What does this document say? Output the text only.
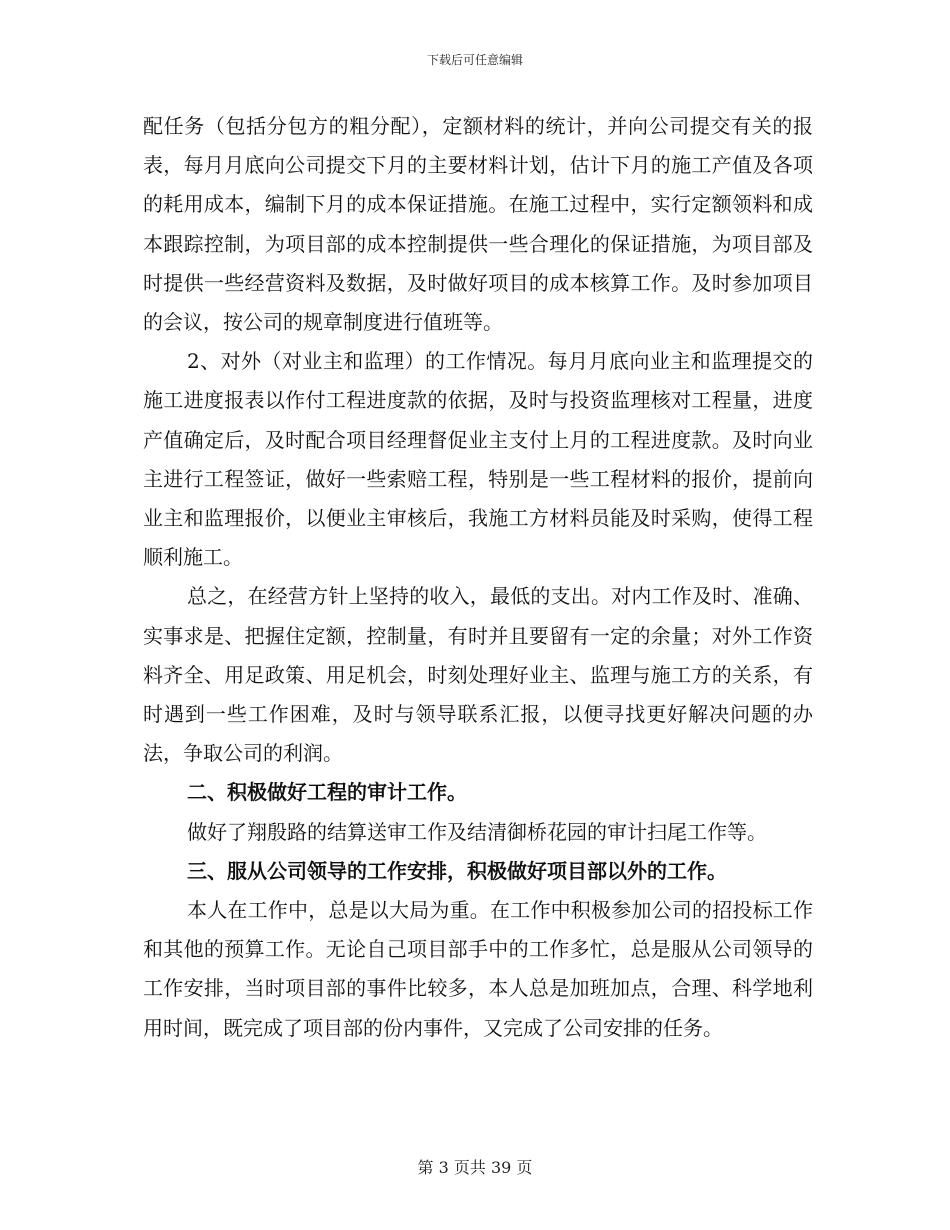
下载后可任意编辑

配任务（包括分包方的粗分配），定额材料的统计，并向公司提交有关的报表，每月月底向公司提交下月的主要材料计划，估计下月的施工产值及各项的耗用成本，编制下月的成本保证措施。在施工过程中，实行定额领料和成本跟踪控制，为项目部的成本控制提供一些合理化的保证措施，为项目部及时提供一些经营资料及数据，及时做好项目的成本核算工作。及时参加项目的会议，按公司的规章制度进行值班等。

2、对外（对业主和监理）的工作情况。每月月底向业主和监理提交的施工进度报表以作付工程进度款的依据，及时与投资监理核对工程量，进度产值确定后，及时配合项目经理督促业主支付上月的工程进度款。及时向业主进行工程签证，做好一些索赔工程，特别是一些工程材料的报价，提前向业主和监理报价，以便业主审核后，我施工方材料员能及时采购，使得工程顺利施工。

总之，在经营方针上坚持的收入，最低的支出。对内工作及时、准确、实事求是、把握住定额，控制量，有时并且要留有一定的余量；对外工作资料齐全、用足政策、用足机会，时刻处理好业主、监理与施工方的关系，有时遇到一些工作困难，及时与领导联系汇报，以便寻找更好解决问题的办法，争取公司的利润。

二、积极做好工程的审计工作。

做好了翔殷路的结算送审工作及结清御桥花园的审计扫尾工作等。

三、服从公司领导的工作安排，积极做好项目部以外的工作。

本人在工作中，总是以大局为重。在工作中积极参加公司的招投标工作和其他的预算工作。无论自己项目部手中的工作多忙，总是服从公司领导的工作安排，当时项目部的事件比较多，本人总是加班加点，合理、科学地利用时间，既完成了项目部的份内事件，又完成了公司安排的任务。

第 3 页共 39 页
